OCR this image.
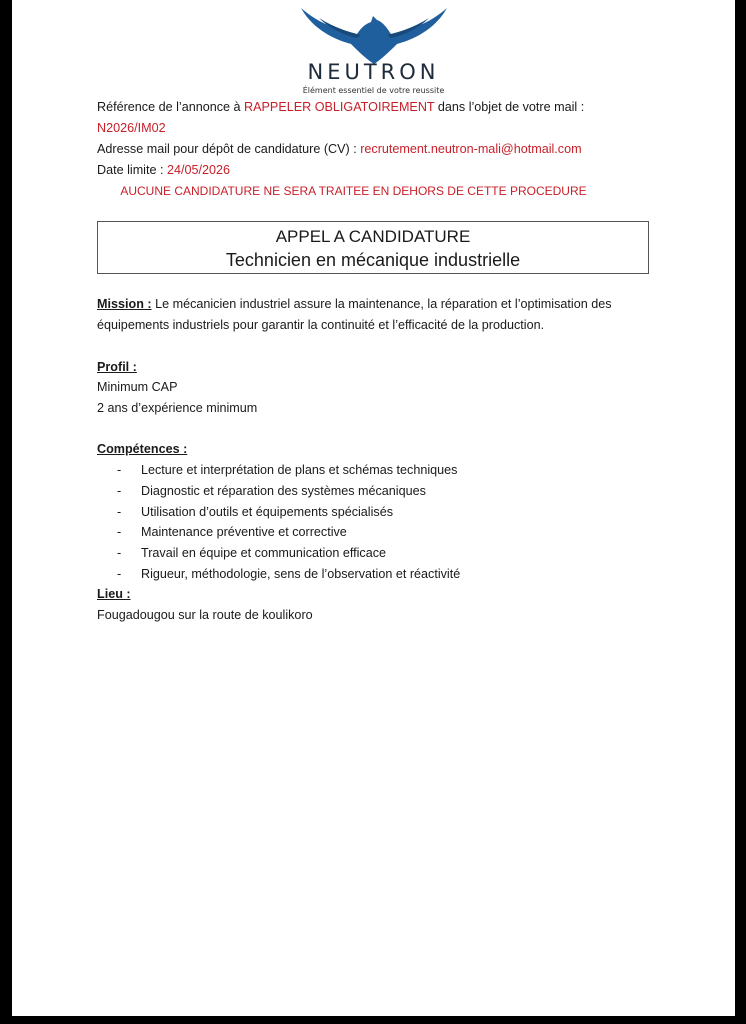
NEUTRON
Élément essentiel de votre reussite
Référence de l’annonce à RAPPELER OBLIGATOIREMENT dans l’objet de votre mail :
N2026/IM02
Adresse mail pour dépôt de candidature (CV) : recrutement.neutron-mali@hotmail.com
Date limite : 24/05/2026
AUCUNE CANDIDATURE NE SERA TRAITEE EN DEHORS DE CETTE PROCEDURE
APPEL A CANDIDATURE
Technicien en mécanique industrielle
Mission : Le mécanicien industriel assure la maintenance, la réparation et l’optimisation des
équipements industriels pour garantir la continuité et l’efficacité de la production.
Profil :
Minimum CAP
2 ans d’expérience minimum
Compétences :
- Lecture et interprétation de plans et schémas techniques
- Diagnostic et réparation des systèmes mécaniques
- Utilisation d’outils et équipements spécialisés
- Maintenance préventive et corrective
- Travail en équipe et communication efficace
- Rigueur, méthodologie, sens de l’observation et réactivité
Lieu :
Fougadougou sur la route de koulikoro
